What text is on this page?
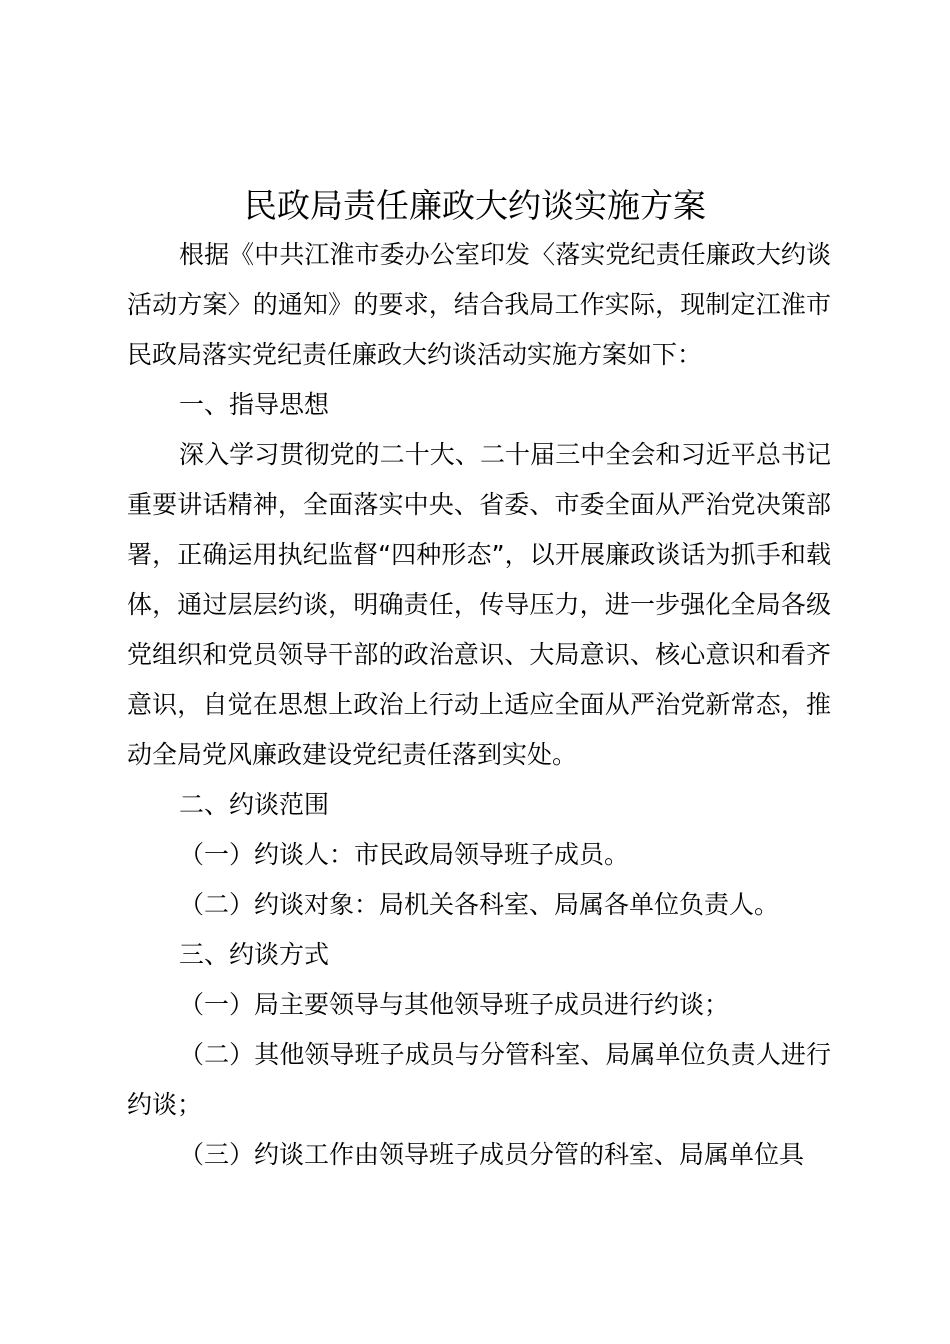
民政局责任廉政大约谈实施方案

根据《中共江淮市委办公室印发〈落实党纪责任廉政大约谈活动方案〉的通知》的要求，结合我局工作实际，现制定江淮市民政局落实党纪责任廉政大约谈活动实施方案如下：

一、指导思想

深入学习贯彻党的二十大、二十届三中全会和习近平总书记重要讲话精神，全面落实中央、省委、市委全面从严治党决策部署，正确运用执纪监督“四种形态”，以开展廉政谈话为抓手和载体，通过层层约谈，明确责任，传导压力，进一步强化全局各级党组织和党员领导干部的政治意识、大局意识、核心意识和看齐意识，自觉在思想上政治上行动上适应全面从严治党新常态，推动全局党风廉政建设党纪责任落到实处。

二、约谈范围

（一）约谈人：市民政局领导班子成员。

（二）约谈对象：局机关各科室、局属各单位负责人。

三、约谈方式

（一）局主要领导与其他领导班子成员进行约谈；

（二）其他领导班子成员与分管科室、局属单位负责人进行约谈；

（三）约谈工作由领导班子成员分管的科室、局属单位具
